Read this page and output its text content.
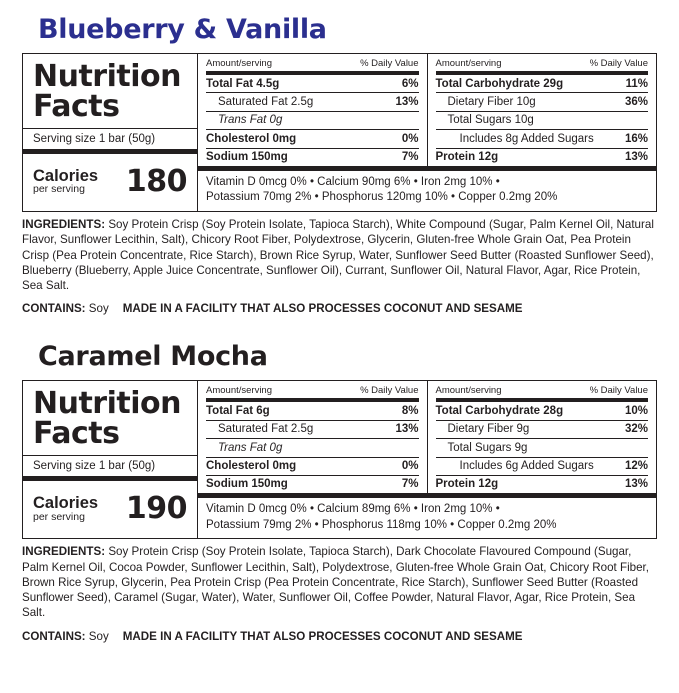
Blueberry & Vanilla
Nutrition
Facts
Serving size 1 bar (50g)
Calories
per serving	180
Amount/serving	% Daily Value
Total Fat 4.5g	6%
Saturated Fat 2.5g	13%
Trans Fat 0g
Cholesterol 0mg	0%
Sodium 150mg	7%
Amount/serving	% Daily Value
Total Carbohydrate 29g	11%
Dietary Fiber 10g	36%
Total Sugars 10g
Includes 8g Added Sugars	16%
Protein 12g	13%
Vitamin D 0mcg 0% • Calcium 90mg 6% • Iron 2mg 10% •
Potassium 70mg 2% • Phosphorus 120mg 10% • Copper 0.2mg 20%
INGREDIENTS: Soy Protein Crisp (Soy Protein Isolate, Tapioca Starch), White Compound (Sugar, Palm Kernel Oil, Natural Flavor, Sunflower Lecithin, Salt), Chicory Root Fiber, Polydextrose, Glycerin, Gluten-free Whole Grain Oat, Pea Protein Crisp (Pea Protein Concentrate, Rice Starch), Brown Rice Syrup, Water, Sunflower Seed Butter (Roasted Sunflower Seed), Blueberry (Blueberry, Apple Juice Concentrate, Sunflower Oil), Currant, Sunflower Oil, Natural Flavor, Agar, Rice Protein, Sea Salt.
CONTAINS: Soy MADE IN A FACILITY THAT ALSO PROCESSES COCONUT AND SESAME
Caramel Mocha
Nutrition
Facts
Serving size 1 bar (50g)
Calories
per serving	190
Amount/serving	% Daily Value
Total Fat 6g	8%
Saturated Fat 2.5g	13%
Trans Fat 0g
Cholesterol 0mg	0%
Sodium 150mg	7%
Amount/serving	% Daily Value
Total Carbohydrate 28g	10%
Dietary Fiber 9g	32%
Total Sugars 9g
Includes 6g Added Sugars	12%
Protein 12g	13%
Vitamin D 0mcg 0% • Calcium 89mg 6% • Iron 2mg 10% •
Potassium 79mg 2% • Phosphorus 118mg 10% • Copper 0.2mg 20%
INGREDIENTS: Soy Protein Crisp (Soy Protein Isolate, Tapioca Starch), Dark Chocolate Flavoured Compound (Sugar, Palm Kernel Oil, Cocoa Powder, Sunflower Lecithin, Salt), Polydextrose, Gluten-free Whole Grain Oat, Chicory Root Fiber, Brown Rice Syrup, Glycerin, Pea Protein Crisp (Pea Protein Concentrate, Rice Starch), Sunflower Seed Butter (Roasted Sunflower Seed), Caramel (Sugar, Water), Water, Sunflower Oil, Coffee Powder, Natural Flavor, Agar, Rice Protein, Sea Salt.
CONTAINS: Soy MADE IN A FACILITY THAT ALSO PROCESSES COCONUT AND SESAME
